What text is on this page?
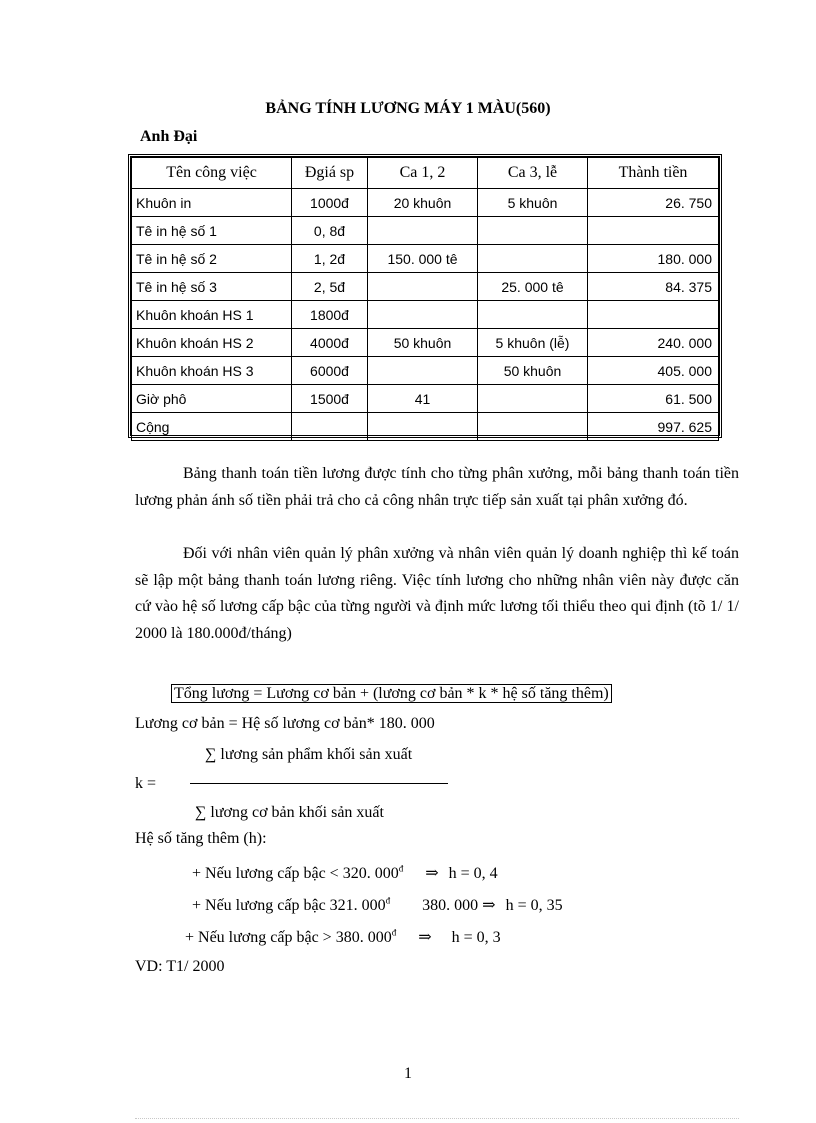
BẢNG TÍNH LƯƠNG MÁY 1 MÀU(560)
Anh Đại
Tên công việc	Đgiá sp	Ca 1, 2	Ca 3, lễ	Thành tiền
Khuôn in	1000đ	20 khuôn	5 khuôn	26. 750
Tê in hệ số 1	0, 8đ			
Tê in hệ số 2	1, 2đ	150. 000 tê		180. 000
Tê in hệ số 3	2, 5đ		25. 000 tê	84. 375
Khuôn khoán HS 1	1800đ			
Khuôn khoán HS 2	4000đ	50 khuôn	5 khuôn (lễ)	240. 000
Khuôn khoán HS 3	6000đ		50 khuôn	405. 000
Giờ phô	1500đ	41		61. 500
Cộng				997. 625
Bảng thanh toán tiền lương được tính cho từng phân xưởng, mỗi bảng thanh toán tiền lương phản ánh số tiền phải trả cho cả công nhân trực tiếp sản xuất tại phân xưởng đó.
Đối với nhân viên quản lý phân xưởng và nhân viên quản lý doanh nghiệp thì kế toán sẽ lập một bảng thanh toán lương riêng. Việc tính lương cho những nhân viên này được căn cứ vào hệ số lương cấp bậc của từng người và định mức lương tối thiểu theo qui định (tõ 1/ 1/ 2000 là 180.000đ/tháng)
Tổng lương = Lương cơ bản + (lương cơ bản * k * hệ số tăng thêm)
Lương cơ bản = Hệ số lương cơ bản* 180. 000
∑ lương sản phẩm khối sản xuất
k =
∑ lương cơ bản khối sản xuất
Hệ số tăng thêm (h):
+ Nếu lương cấp bậc < 320. $000^đ$ ⇒ h = 0, 4
+ Nếu lương cấp bậc 321. $000^đ$ 380. 000 ⇒ h = 0, 35
+ Nếu lương cấp bậc > 380. $000^đ$ ⇒ h = 0, 3
VD: T1/ 2000
1
